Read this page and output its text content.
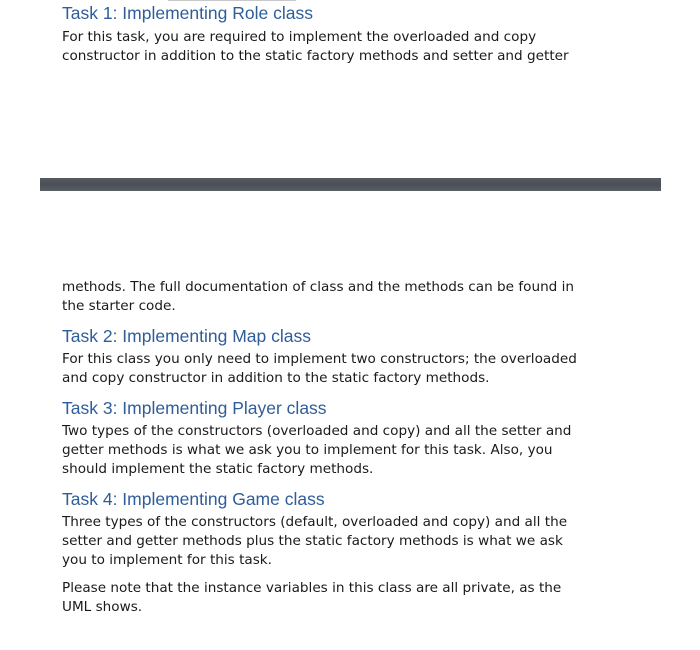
Task 1: Implementing Role class

For this task, you are required to implement the overloaded and copy
constructor in addition to the static factory methods and setter and getter

methods. The full documentation of class and the methods can be found in
the starter code.

Task 2: Implementing Map class

For this class you only need to implement two constructors; the overloaded
and copy constructor in addition to the static factory methods.

Task 3: Implementing Player class

Two types of the constructors (overloaded and copy) and all the setter and
getter methods is what we ask you to implement for this task. Also, you
should implement the static factory methods.

Task 4: Implementing Game class

Three types of the constructors (default, overloaded and copy) and all the
setter and getter methods plus the static factory methods is what we ask
you to implement for this task.

Please note that the instance variables in this class are all private, as the
UML shows.
